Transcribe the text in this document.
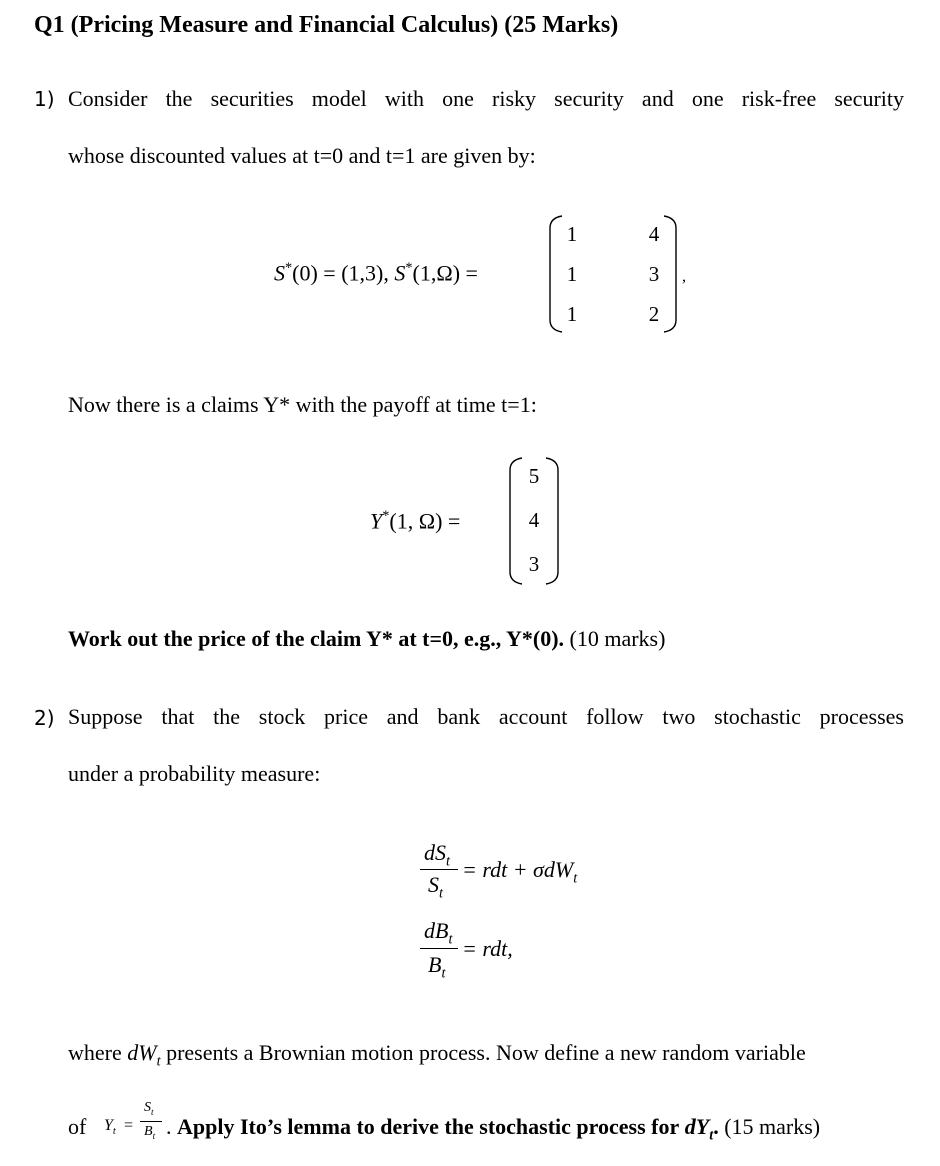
Q1 (Pricing Measure and Financial Calculus) (25 Marks)
1) Consider the securities model with one risky security and one risk-free security
whose discounted values at t=0 and t=1 are given by:
S*(0) = (1,3), S*(1,Ω) =
1	4
1	3
1	2
,
Now there is a claims Y* with the payoff at time t=1:
Y*(1, Ω) =
5
4
3
Work out the price of the claim Y* at t=0, e.g., Y*(0). (10 marks)
2) Suppose that the stock price and bank account follow two stochastic processes
under a probability measure:
$dS_t$
$S_t$
= rdt + σdW$_t$
$dB_t$
$B_t$
= rdt,
where $dW_t$ presents a Brownian motion process. Now define a new random variable
of $Y_t$ =
$S_t$
$B_t$ . Apply Ito’s lemma to derive the stochastic process for $dY_t$. (15 marks)
